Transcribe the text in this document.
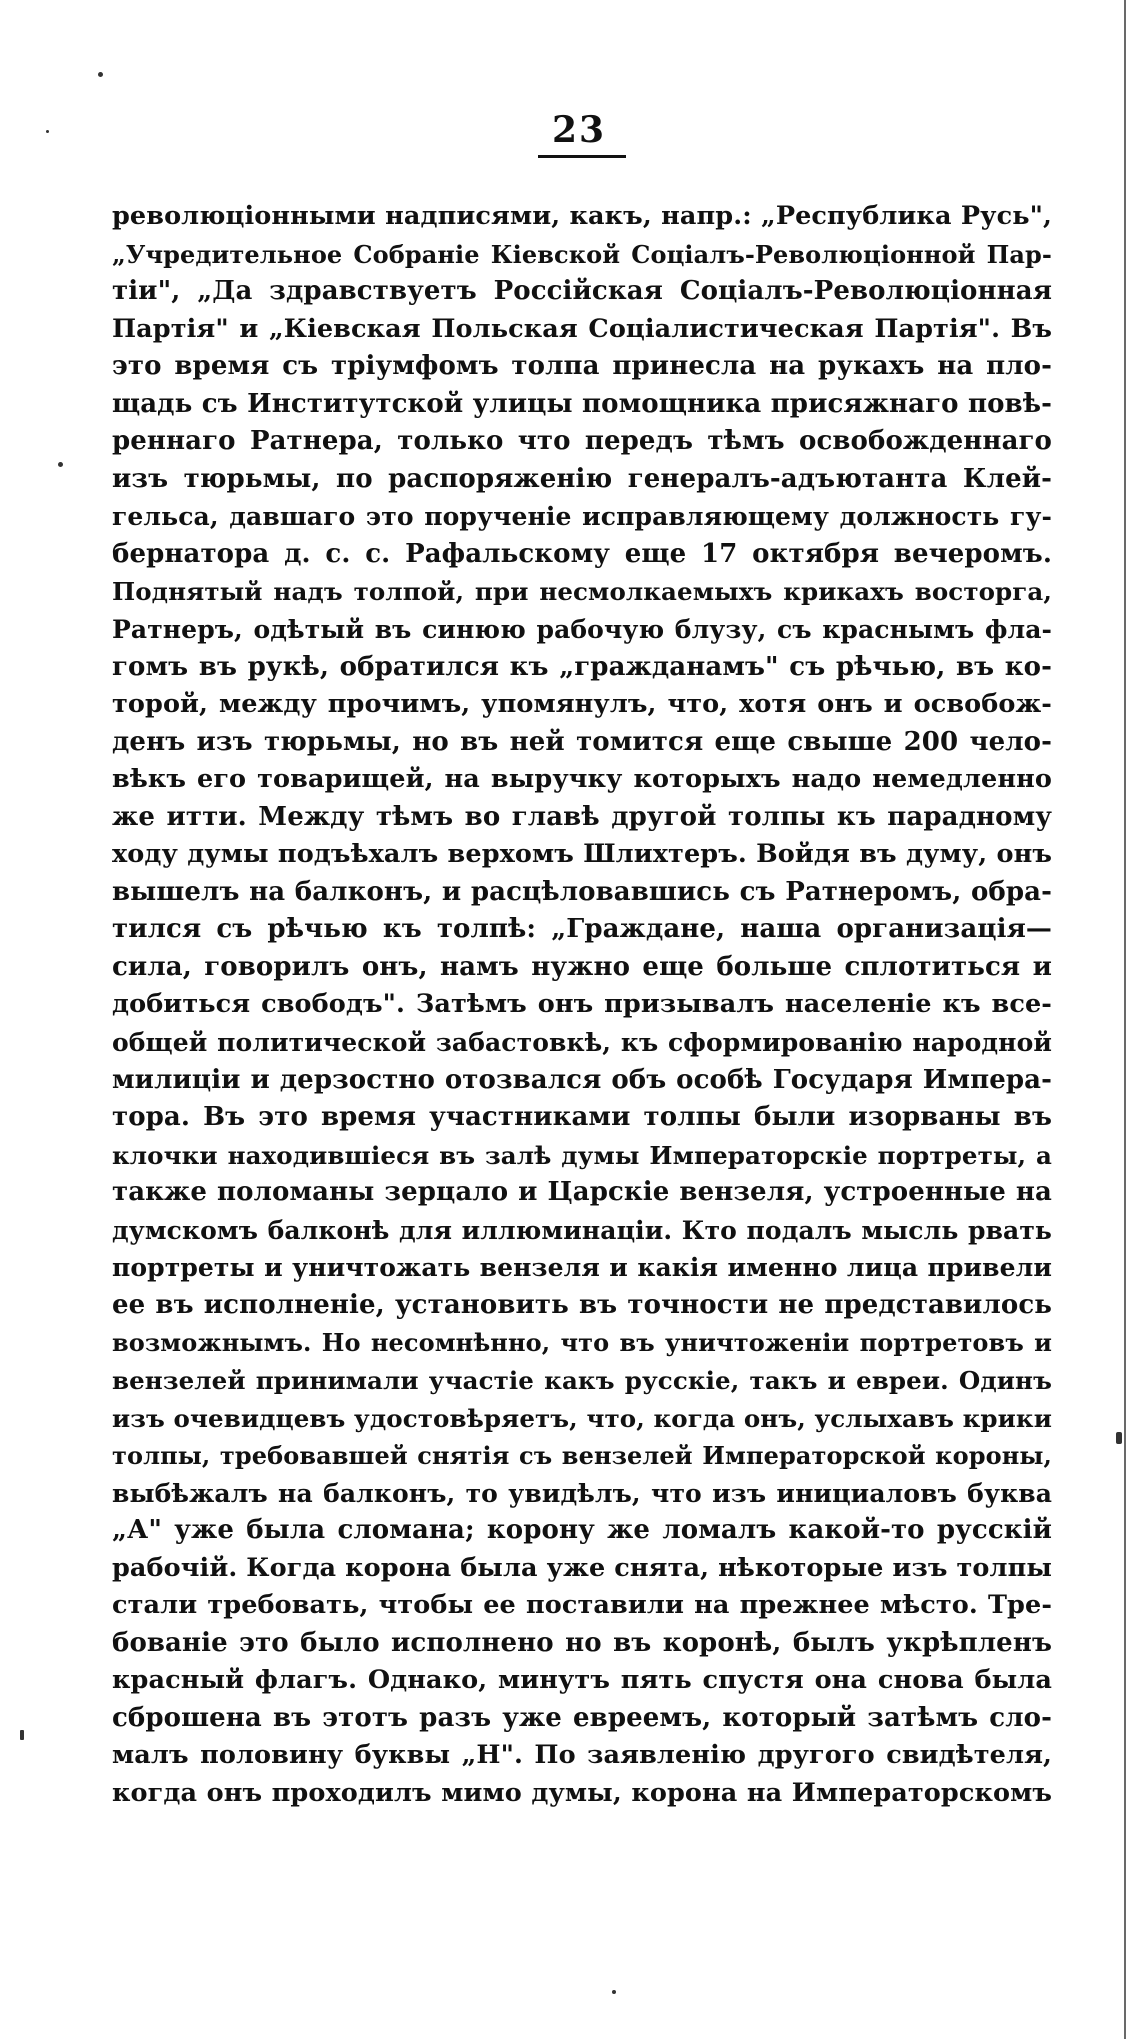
23
революціонными надписями, какъ, напр.: „Республика Русь",
„Учредительное Собраніе Кіевской Соціалъ-Революціонной Пар-
тіи", „Да здравствуетъ Россійская Соціалъ-Революціонная
Партія" и „Кіевская Польская Соціалистическая Партія". Въ
это время съ тріумфомъ толпа принесла на рукахъ на пло-
щадь съ Институтской улицы помощника присяжнаго повѣ-
реннаго Ратнера, только что передъ тѣмъ освобожденнаго
изъ тюрьмы, по распоряженію генералъ-адъютанта Клей-
гельса, давшаго это порученіе исправляющему должность гу-
бернатора д. с. с. Рафальскому еще 17 октября вечеромъ.
Поднятый надъ толпой, при несмолкаемыхъ крикахъ восторга,
Ратнеръ, одѣтый въ синюю рабочую блузу, съ краснымъ фла-
гомъ въ рукѣ, обратился къ „гражданамъ" съ рѣчью, въ ко-
торой, между прочимъ, упомянулъ, что, хотя онъ и освобож-
денъ изъ тюрьмы, но въ ней томится еще свыше 200 чело-
вѣкъ его товарищей, на выручку которыхъ надо немедленно
же итти. Между тѣмъ во главѣ другой толпы къ парадному
ходу думы подъѣхалъ верхомъ Шлихтеръ. Войдя въ думу, онъ
вышелъ на балконъ, и расцѣловавшись съ Ратнеромъ, обра-
тился съ рѣчью къ толпѣ: „Граждане, наша организація—
сила, говорилъ онъ, намъ нужно еще больше сплотиться и
добиться свободъ". Затѣмъ онъ призывалъ населеніе къ все-
общей политической забастовкѣ, къ сформированію народной
милиціи и дерзостно отозвался объ особѣ Государя Импера-
тора. Въ это время участниками толпы были изорваны въ
клочки находившіеся въ залѣ думы Императорскіе портреты, а
также поломаны зерцало и Царскіе вензеля, устроенные на
думскомъ балконѣ для иллюминаціи. Кто подалъ мысль рвать
портреты и уничтожать вензеля и какія именно лица привели
ее въ исполненіе, установить въ точности не представилось
возможнымъ. Но несомнѣнно, что въ уничтоженіи портретовъ и
вензелей принимали участіе какъ русскіе, такъ и евреи. Одинъ
изъ очевидцевъ удостовѣряетъ, что, когда онъ, услыхавъ крики
толпы, требовавшей снятія съ вензелей Императорской короны,
выбѣжалъ на балконъ, то увидѣлъ, что изъ инициаловъ буква
„А" уже была сломана; корону же ломалъ какой-то русскій
рабочій. Когда корона была уже снята, нѣкоторые изъ толпы
стали требовать, чтобы ее поставили на прежнее мѣсто. Тре-
бованіе это было исполнено но въ коронѣ, былъ укрѣпленъ
красный флагъ. Однако, минутъ пять спустя она снова была
сброшена въ этотъ разъ уже евреемъ, который затѣмъ сло-
малъ половину буквы „Н". По заявленію другого свидѣтеля,
когда онъ проходилъ мимо думы, корона на Императорскомъ
